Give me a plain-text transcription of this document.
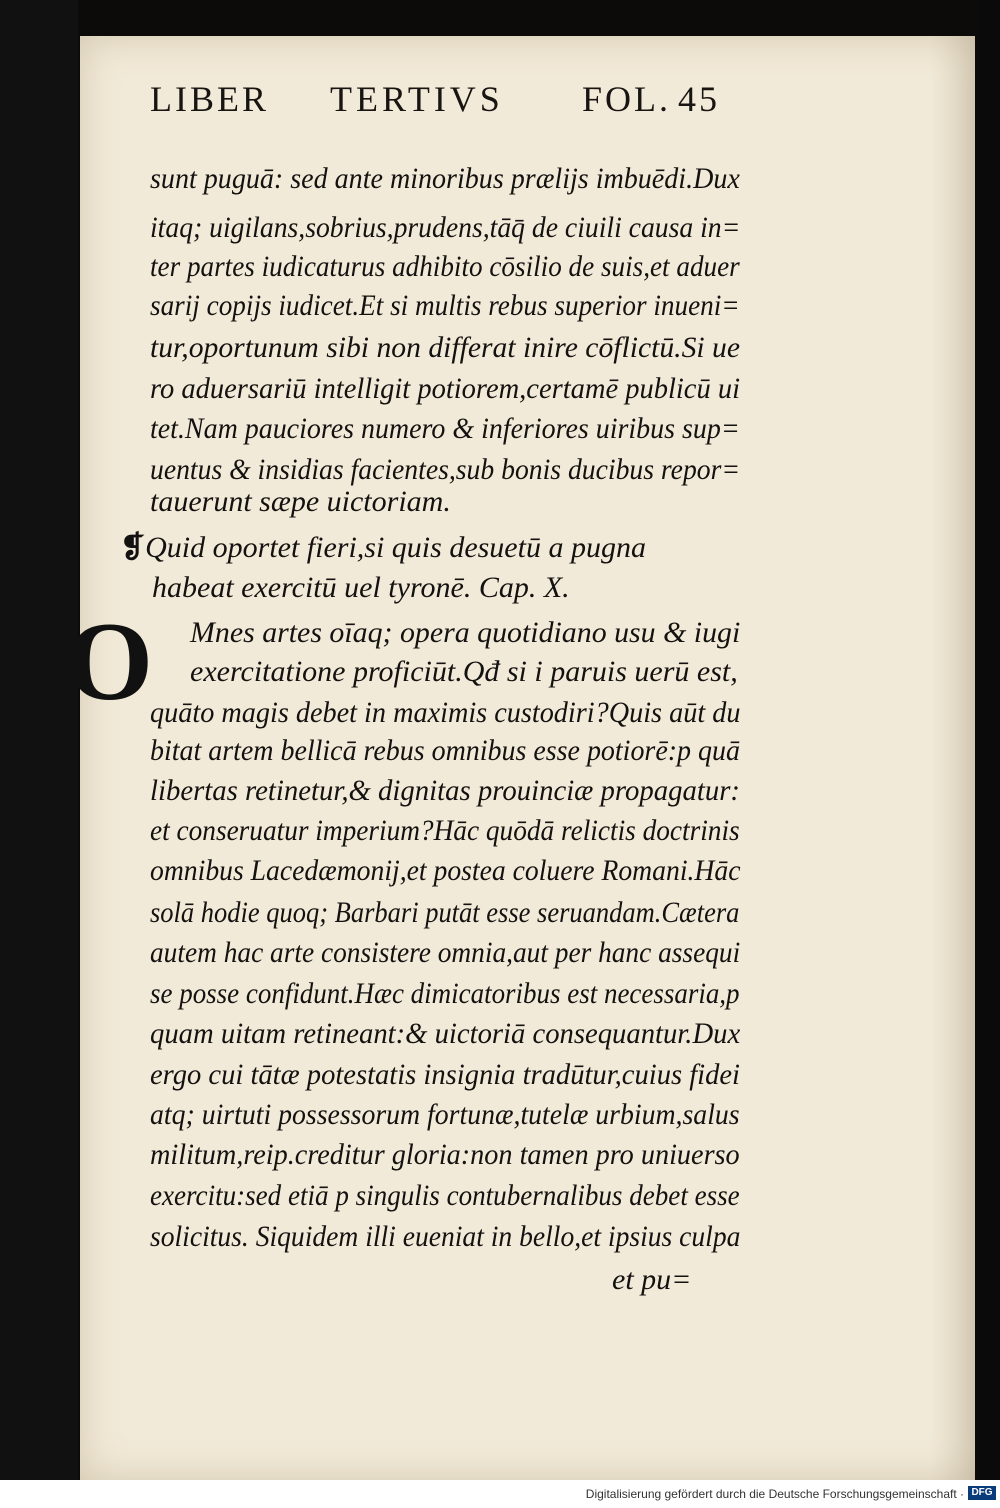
LIBER TERTIVS FOL. 45
sunt puguā: sed ante minoribus prælijs imbuēdi.Dux
itaq; uigilans,sobrius,prudens,tāq̄ de ciuili causa in=
ter partes iudicaturus adhibito cōsilio de suis,et aduer
sarij copijs iudicet.Et si multis rebus superior inueni=
tur,oportunum sibi non differat inire cōflictū.Si ue
ro aduersariū intelligit potiorem,certamē publicū ui
tet.Nam pauciores numero & inferiores uiribus sup=
uentus & insidias facientes,sub bonis ducibus repor=
tauerunt sæpe uictoriam.
❡Quid oportet fieri,si quis desuetū a pugna
habeat exercitū uel tyronē. Cap. X.
O Mnes artes oīaq; opera quotidiano usu & iugi
exercitatione proficiūt.Qđ si i paruis uerū est,
quāto magis debet in maximis custodiri?Quis aūt du
bitat artem bellicā rebus omnibus esse potiorē:p quā
libertas retinetur,& dignitas prouinciæ propagatur:
et conseruatur imperium?Hāc quōdā relictis doctrinis
omnibus Lacedæmonij,et postea coluere Romani.Hāc
solā hodie quoq; Barbari putāt esse seruandam.Cætera
autem hac arte consistere omnia,aut per hanc assequi
se posse confidunt.Hæc dimicatoribus est necessaria,p
quam uitam retineant:& uictoriā consequantur.Dux
ergo cui tātæ potestatis insignia tradūtur,cuius fidei
atq; uirtuti possessorum fortunæ,tutelæ urbium,salus
militum,reip.creditur gloria:non tamen pro uniuerso
exercitu:sed etiā p singulis contubernalibus debet esse
solicitus. Siquidem illi eueniat in bello,et ipsius culpa
et pu=
Digitalisierung gefördert durch die Deutsche Forschungsgemeinschaft · DFG
